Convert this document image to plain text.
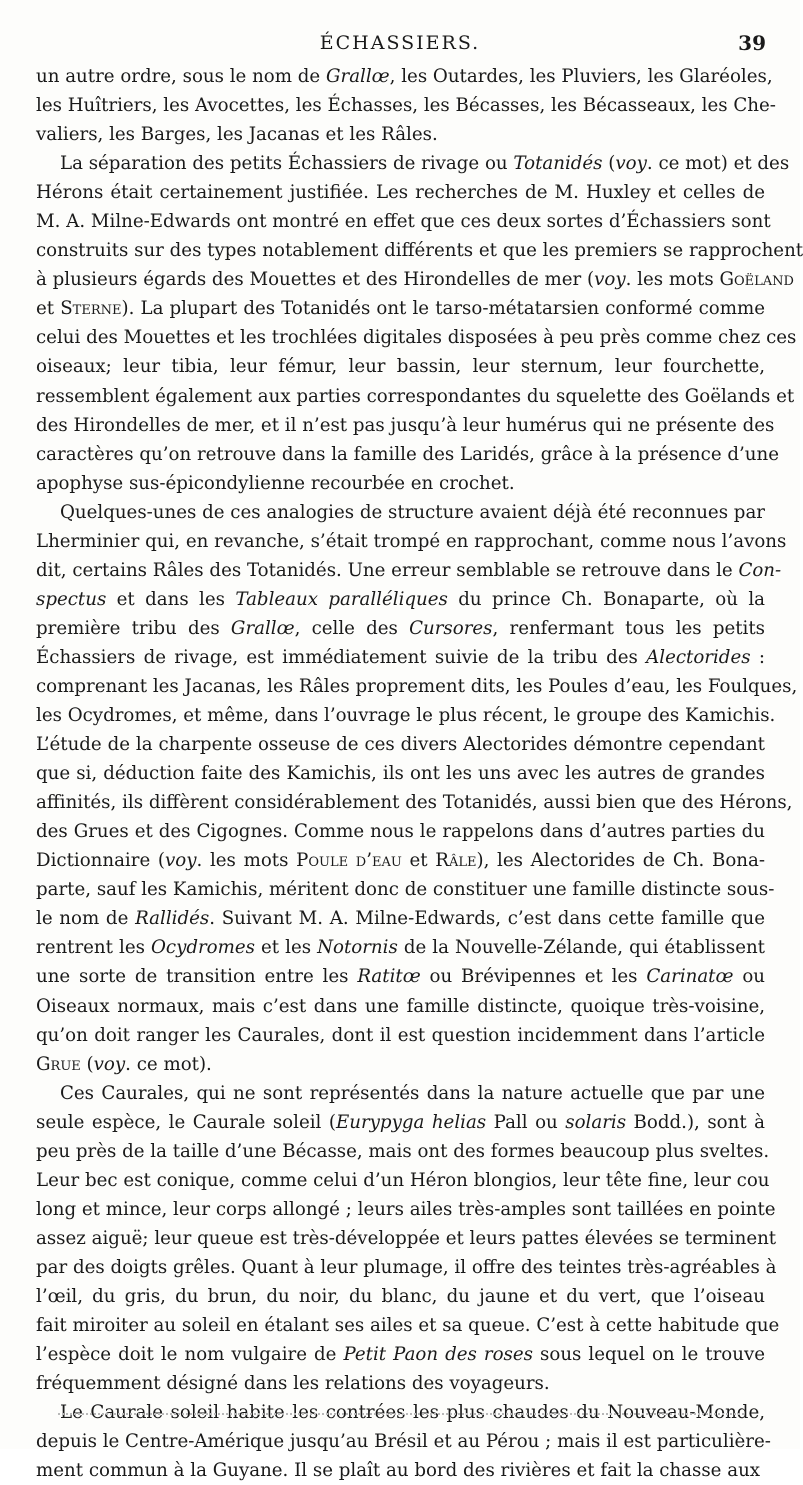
ÉCHASSIERS.	39
un autre ordre, sous le nom de Grallœ, les Outardes, les Pluviers, les Glaréoles,
les Huîtriers, les Avocettes, les Échasses, les Bécasses, les Bécasseaux, les Che-
valiers, les Barges, les Jacanas et les Râles.
La séparation des petits Échassiers de rivage ou Totanidés (voy. ce mot) et des
Hérons était certainement justifiée. Les recherches de M. Huxley et celles de
M. A. Milne-Edwards ont montré en effet que ces deux sortes d’Échassiers sont
construits sur des types notablement différents et que les premiers se rapprochent
à plusieurs égards des Mouettes et des Hirondelles de mer (voy. les mots Goëland
et Sterne). La plupart des Totanidés ont le tarso-métatarsien conformé comme
celui des Mouettes et les trochlées digitales disposées à peu près comme chez ces
oiseaux; leur tibia, leur fémur, leur bassin, leur sternum, leur fourchette,
ressemblent également aux parties correspondantes du squelette des Goëlands et
des Hirondelles de mer, et il n’est pas jusqu’à leur humérus qui ne présente des
caractères qu’on retrouve dans la famille des Laridés, grâce à la présence d’une
apophyse sus-épicondylienne recourbée en crochet.
Quelques-unes de ces analogies de structure avaient déjà été reconnues par
Lherminier qui, en revanche, s’était trompé en rapprochant, comme nous l’avons
dit, certains Râles des Totanidés. Une erreur semblable se retrouve dans le Con-
spectus et dans les Tableaux paralléliques du prince Ch. Bonaparte, où la
première tribu des Grallœ, celle des Cursores, renfermant tous les petits
Échassiers de rivage, est immédiatement suivie de la tribu des Alectorides :
comprenant les Jacanas, les Râles proprement dits, les Poules d’eau, les Foulques,
les Ocydromes, et même, dans l’ouvrage le plus récent, le groupe des Kamichis.
L’étude de la charpente osseuse de ces divers Alectorides démontre cependant
que si, déduction faite des Kamichis, ils ont les uns avec les autres de grandes
affinités, ils diffèrent considérablement des Totanidés, aussi bien que des Hérons,
des Grues et des Cigognes. Comme nous le rappelons dans d’autres parties du
Dictionnaire (voy. les mots Poule d’eau et Râle), les Alectorides de Ch. Bona-
parte, sauf les Kamichis, méritent donc de constituer une famille distincte sous-
le nom de Rallidés. Suivant M. A. Milne-Edwards, c’est dans cette famille que
rentrent les Ocydromes et les Notornis de la Nouvelle-Zélande, qui établissent
une sorte de transition entre les Ratitœ ou Brévipennes et les Carinatœ ou
Oiseaux normaux, mais c’est dans une famille distincte, quoique très-voisine,
qu’on doit ranger les Caurales, dont il est question incidemment dans l’article
Grue (voy. ce mot).
Ces Caurales, qui ne sont représentés dans la nature actuelle que par une
seule espèce, le Caurale soleil (Eurypyga helias Pall ou solaris Bodd.), sont à
peu près de la taille d’une Bécasse, mais ont des formes beaucoup plus sveltes.
Leur bec est conique, comme celui d’un Héron blongios, leur tête fine, leur cou
long et mince, leur corps allongé ; leurs ailes très-amples sont taillées en pointe
assez aiguë; leur queue est très-développée et leurs pattes élevées se terminent
par des doigts grêles. Quant à leur plumage, il offre des teintes très-agréables à
l’œil, du gris, du brun, du noir, du blanc, du jaune et du vert, que l’oiseau
fait miroiter au soleil en étalant ses ailes et sa queue. C’est à cette habitude que
l’espèce doit le nom vulgaire de Petit Paon des roses sous lequel on le trouve
fréquemment désigné dans les relations des voyageurs.
Le Caurale soleil habite les contrées les plus chaudes du Nouveau-Monde,
depuis le Centre-Amérique jusqu’au Brésil et au Pérou ; mais il est particulière-
ment commun à la Guyane. Il se plaît au bord des rivières et fait la chasse aux
